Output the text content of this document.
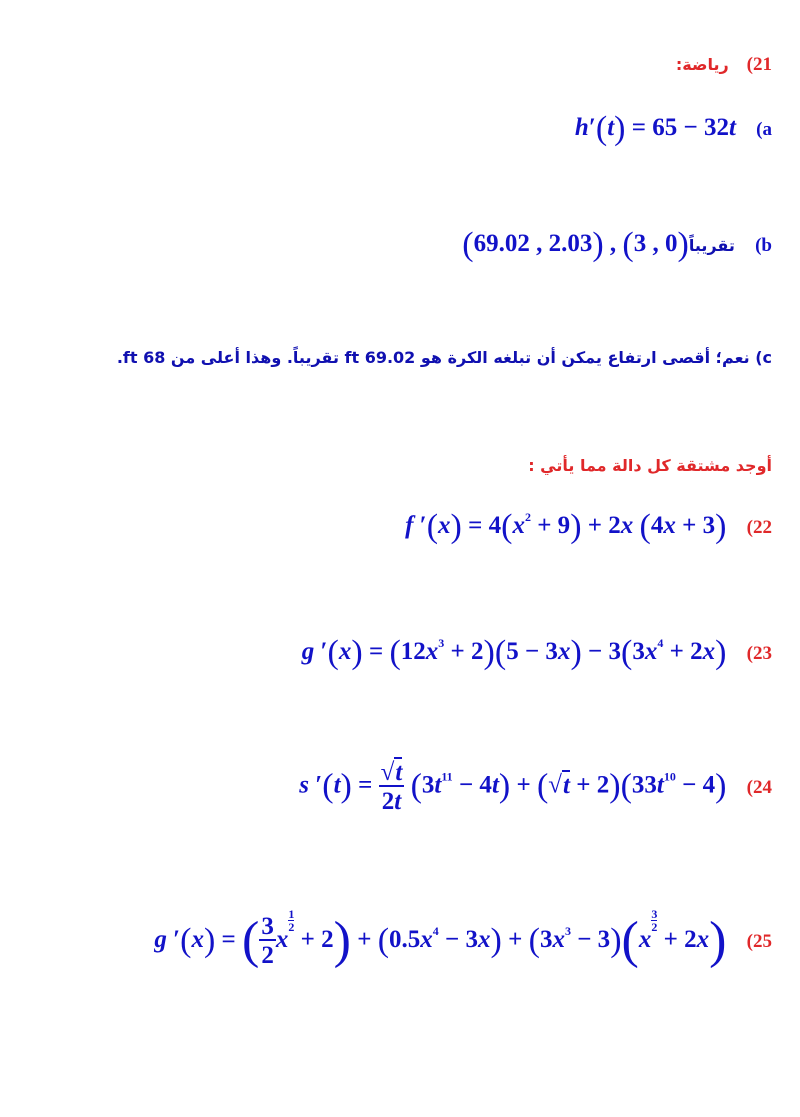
21) رياضة:
h′(t) = 65 − 32t (a
تقريباً(0 , 3) , (2.03 , 69.02)	(b
c) نعم؛ أقصى ارتفاع يمكن أن تبلغه الكرة هو 69.02 ft تقريباً. وهذا أعلى من 68 ft.
أوجد مشتقة كل دالة مما يأتي :
f $'(x) = 4(x^2 + 9) + 2x$ (4x + 3) (22
g $'(x) = (12x^3 + 2)(5 - 3x) - 3(3x^4 + 2x)$ (23
s $'(t) = \frac{√t}{2t} (3t^{11} - 4t) + (√t + 2)(33t^{10} - 4)$ (24
g ′(x) = ( $\frac{3}{2}$ x
$\frac{1}{2} + 2) + (0.5x^4 - 3x) + (3x^3 - 3)(x$
$\frac{3}{2} + 2x$) (25
